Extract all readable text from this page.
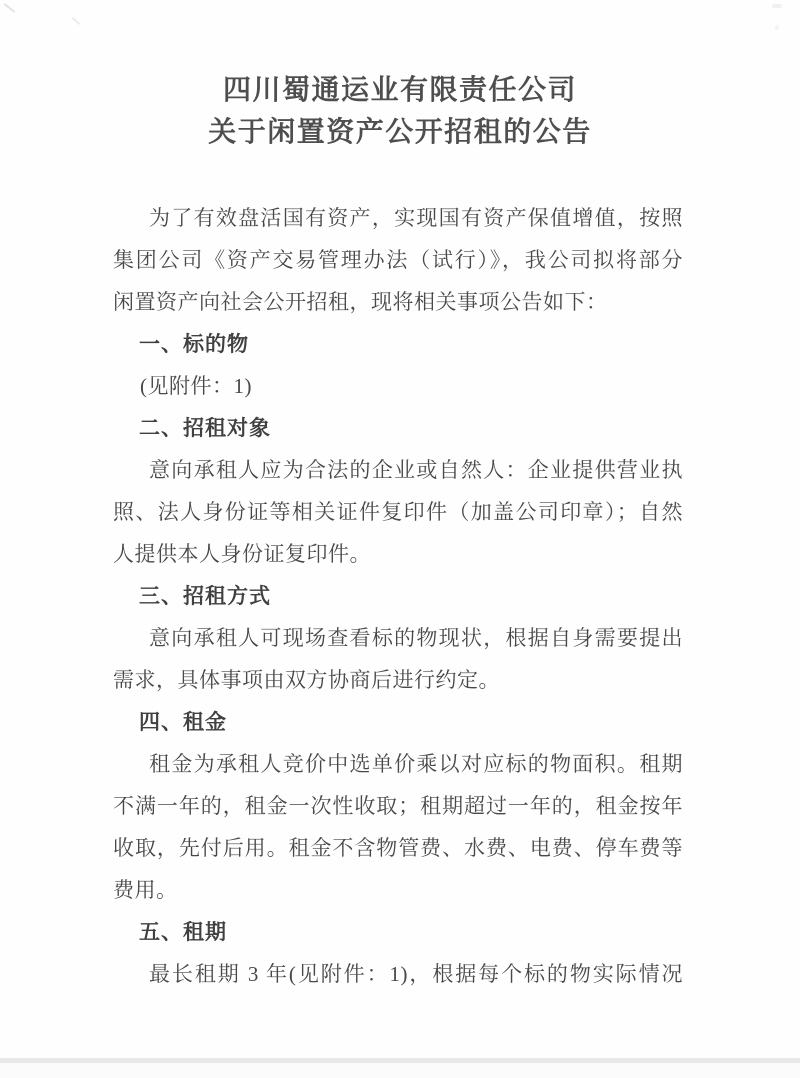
四川蜀通运业有限责任公司
关于闲置资产公开招租的公告
为了有效盘活国有资产，实现国有资产保值增值，按照
集团公司《资产交易管理办法（试行）》，我公司拟将部分
闲置资产向社会公开招租，现将相关事项公告如下：
一、标的物
(见附件：1)
二、招租对象
意向承租人应为合法的企业或自然人：企业提供营业执
照、法人身份证等相关证件复印件（加盖公司印章）；自然
人提供本人身份证复印件。
三、招租方式
意向承租人可现场查看标的物现状，根据自身需要提出
需求，具体事项由双方协商后进行约定。
四、租金
租金为承租人竞价中选单价乘以对应标的物面积。租期
不满一年的，租金一次性收取；租期超过一年的，租金按年
收取，先付后用。租金不含物管费、水费、电费、停车费等
费用。
五、租期
最长租期 3 年(见附件：1)，根据每个标的物实际情况
